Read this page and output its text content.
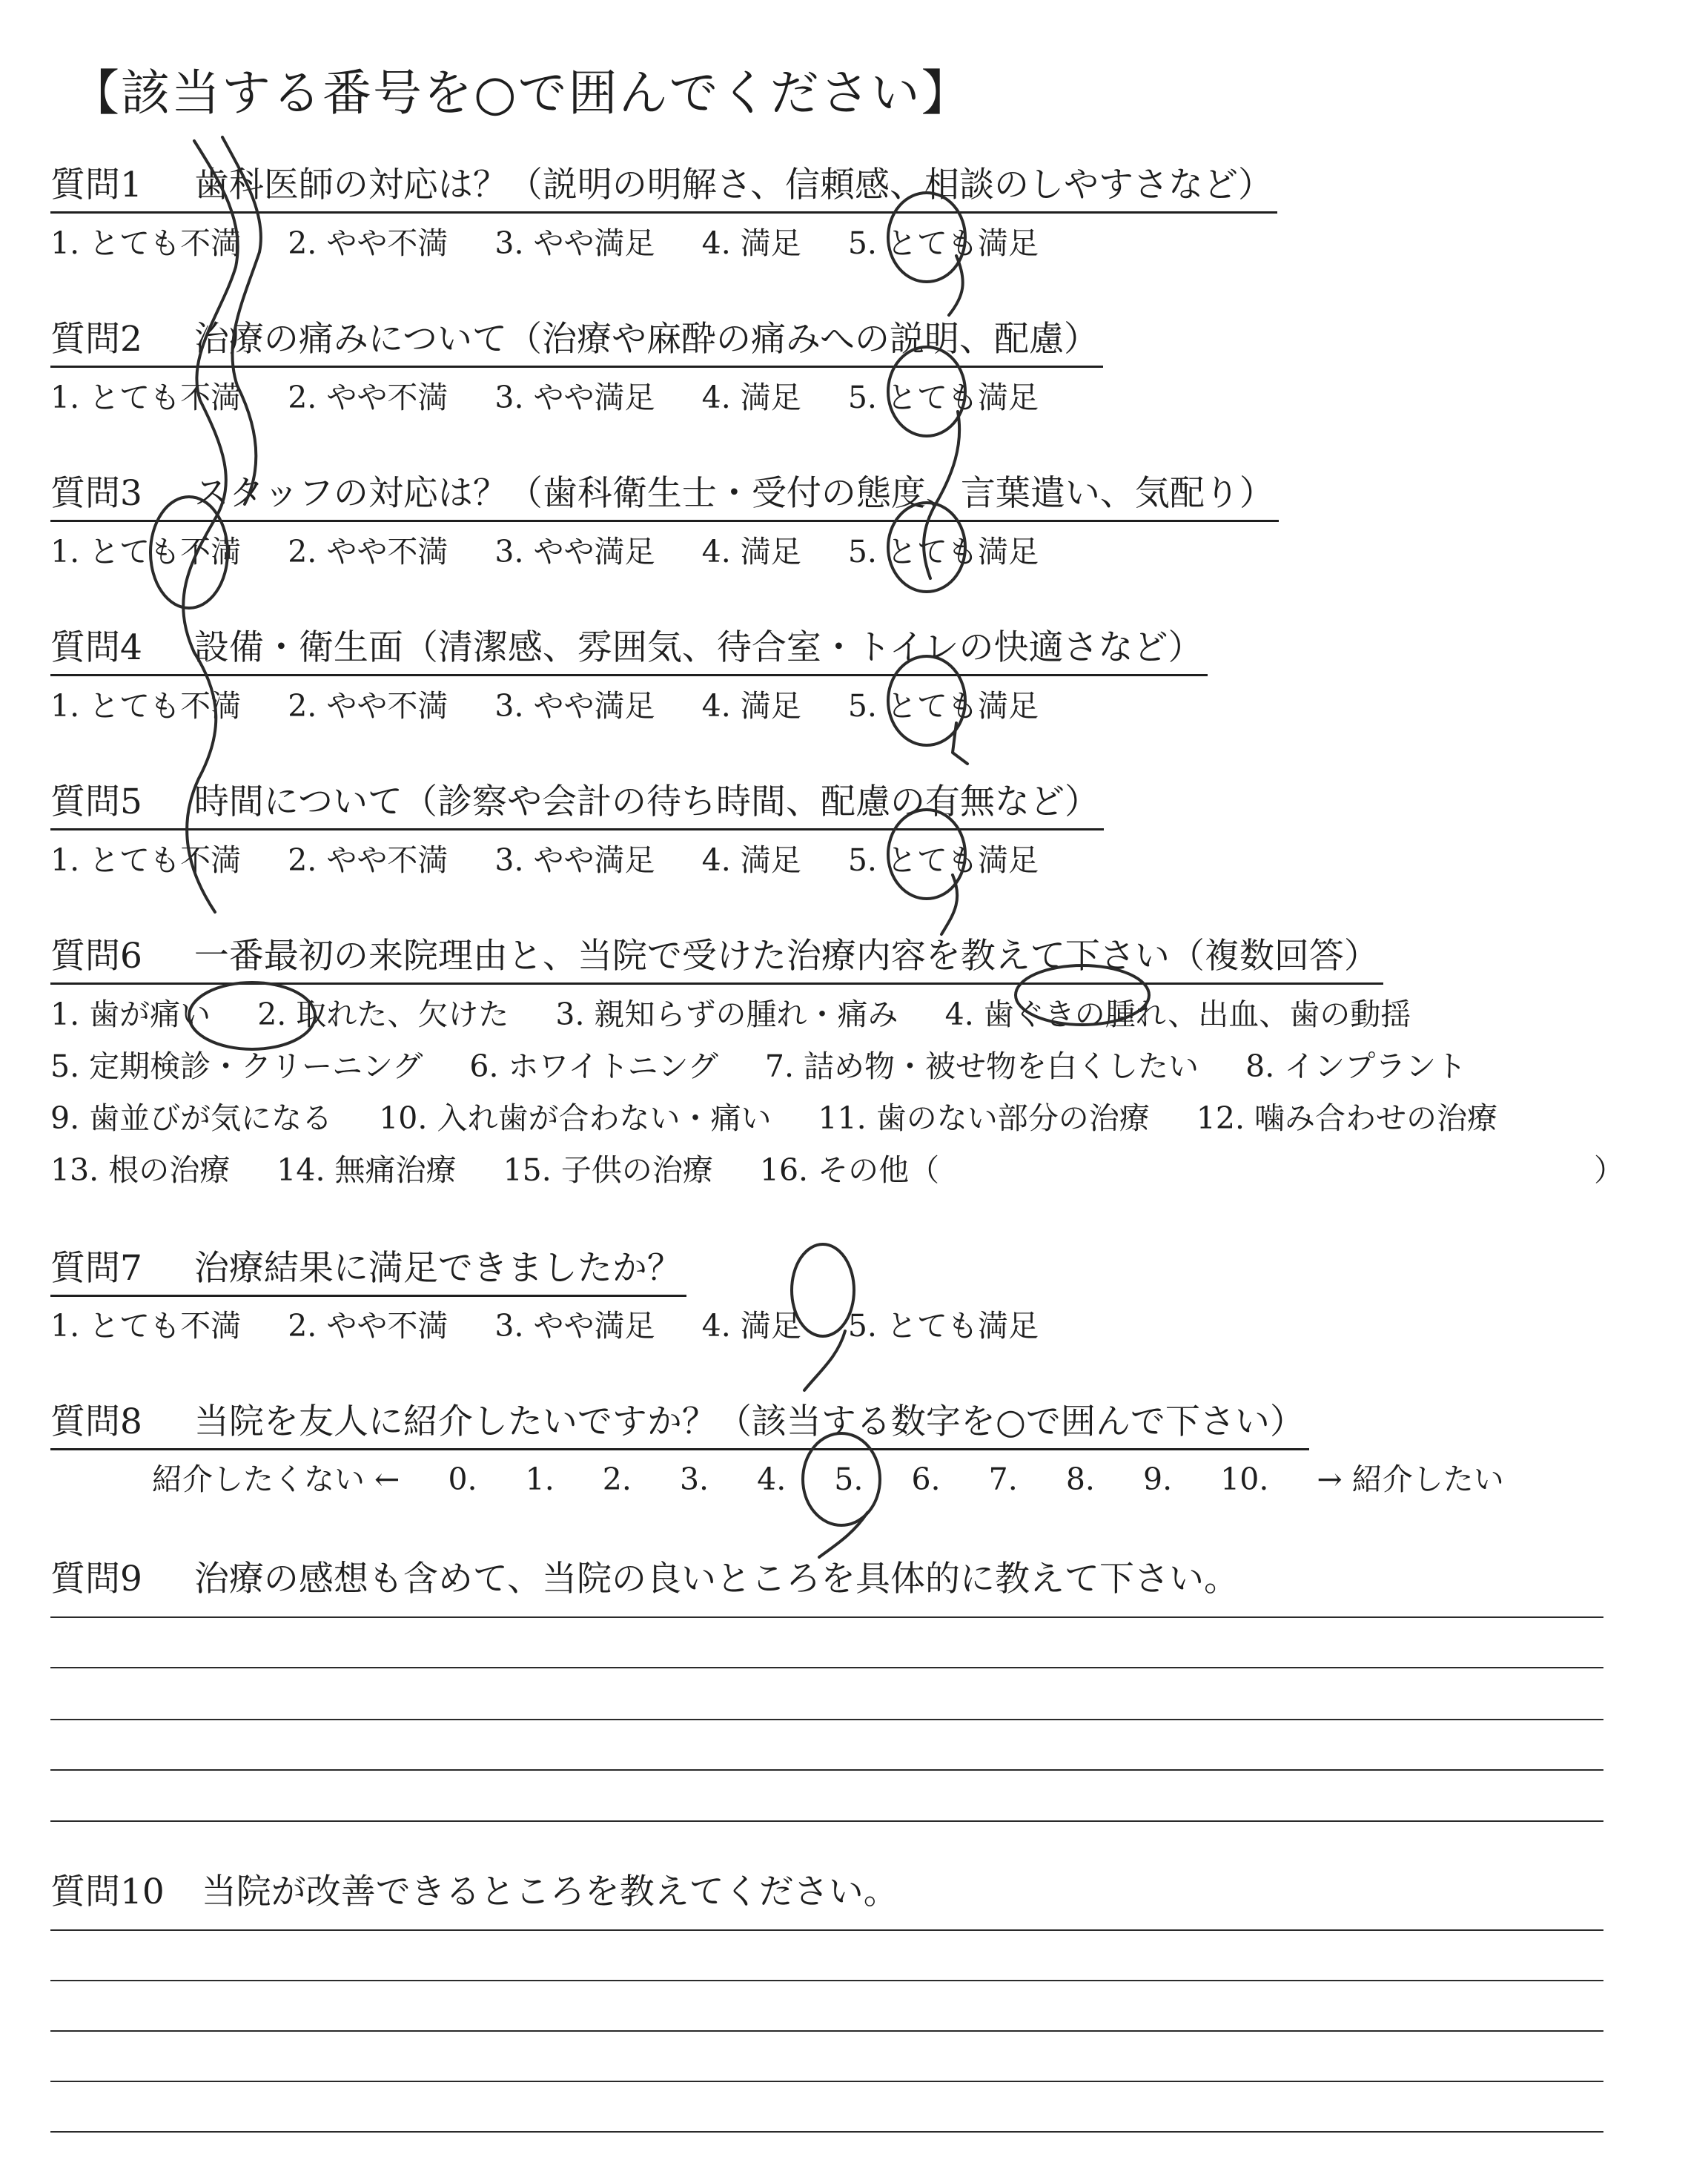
【該当する番号を○で囲んでください】
質問1 歯科医師の対応は？（説明の明解さ、信頼感、相談のしやすさなど）
1. とても不満 2. やや不満 3. やや満足 4. 満足 5. とても満足
質問2 治療の痛みについて（治療や麻酔の痛みへの説明、配慮）
1. とても不満 2. やや不満 3. やや満足 4. 満足 5. とても満足
質問3 スタッフの対応は？（歯科衛生士・受付の態度、言葉遣い、気配り）
1. とても不満 2. やや不満 3. やや満足 4. 満足 5. とても満足
質問4 設備・衛生面（清潔感、雰囲気、待合室・トイレの快適さなど）
1. とても不満 2. やや不満 3. やや満足 4. 満足 5. とても満足
質問5 時間について（診察や会計の待ち時間、配慮の有無など）
1. とても不満 2. やや不満 3. やや満足 4. 満足 5. とても満足
質問6 一番最初の来院理由と、当院で受けた治療内容を教えて下さい（複数回答）
1. 歯が痛い 2. 取れた、欠けた 3. 親知らずの腫れ・痛み 4. 歯ぐきの腫れ、出血、歯の動揺
5. 定期検診・クリーニング 6. ホワイトニング 7. 詰め物・被せ物を白くしたい 8. インプラント
9. 歯並びが気になる 10. 入れ歯が合わない・痛い 11. 歯のない部分の治療 12. 噛み合わせの治療
13. 根の治療 14. 無痛治療 15. 子供の治療 16. その他（	）
質問7 治療結果に満足できましたか？
1. とても不満 2. やや不満 3. やや満足 4. 満足 5. とても満足
質問8 当院を友人に紹介したいですか？（該当する数字を○で囲んで下さい）
紹介したくない ← 0. 1. 2. 3. 4. 5. 6. 7. 8. 9. 10. → 紹介したい
質問9 治療の感想も含めて、当院の良いところを具体的に教えて下さい。
質問10 当院が改善できるところを教えてください。
